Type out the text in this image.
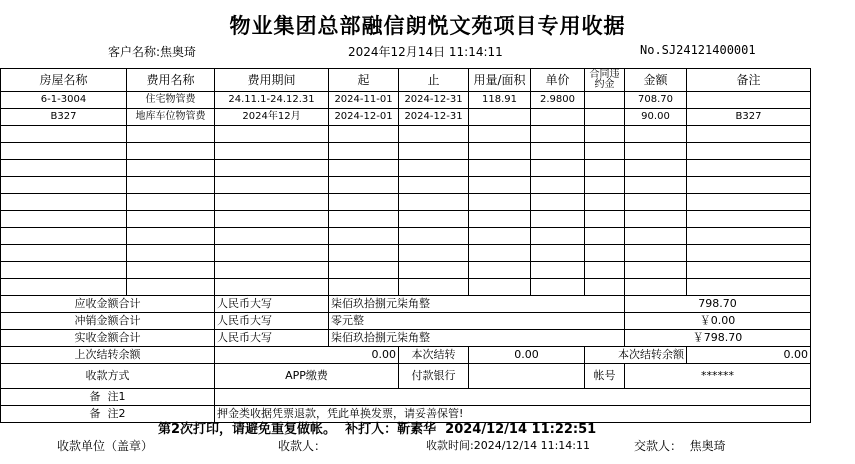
物业集团总部融信朗悦文苑项目专用收据
客户名称:焦奥琦	2024年12月14日 11:14:11	No.SJ24121400001
房屋名称	费用名称	费用期间	起	止	用量/面积	单价	合同违约金	金额	备注
6-1-3004	住宅物管费	24.11.1-24.12.31	2024-11-01	2024-12-31	118.91	2.9800		708.70	
B327	地库车位物管费	2024年12月	2024-12-01	2024-12-31				90.00	B327

应收金额合计		人民币大写	柒佰玖拾捌元柒角整					798.70	
冲销金额合计		人民币大写	零元整					￥0.00	
实收金额合计		人民币大写	柒佰玖拾捌元柒角整					￥798.70	
上次结转余额		0.00		本次结转	0.00		本次结转余额		0.00
收款方式		APP缴费		付款银行			帐号	******	
备  注1									
备  注2		押金类收据凭票退款，凭此单换发票，请妥善保管!							
第2次打印，请避免重复做帐。  补打人：靳素华  2024/12/14 11:22:51
收款单位（盖章）	收款人：	收款时间:2024/12/14 11:14:11	交款人：  焦奥琦
